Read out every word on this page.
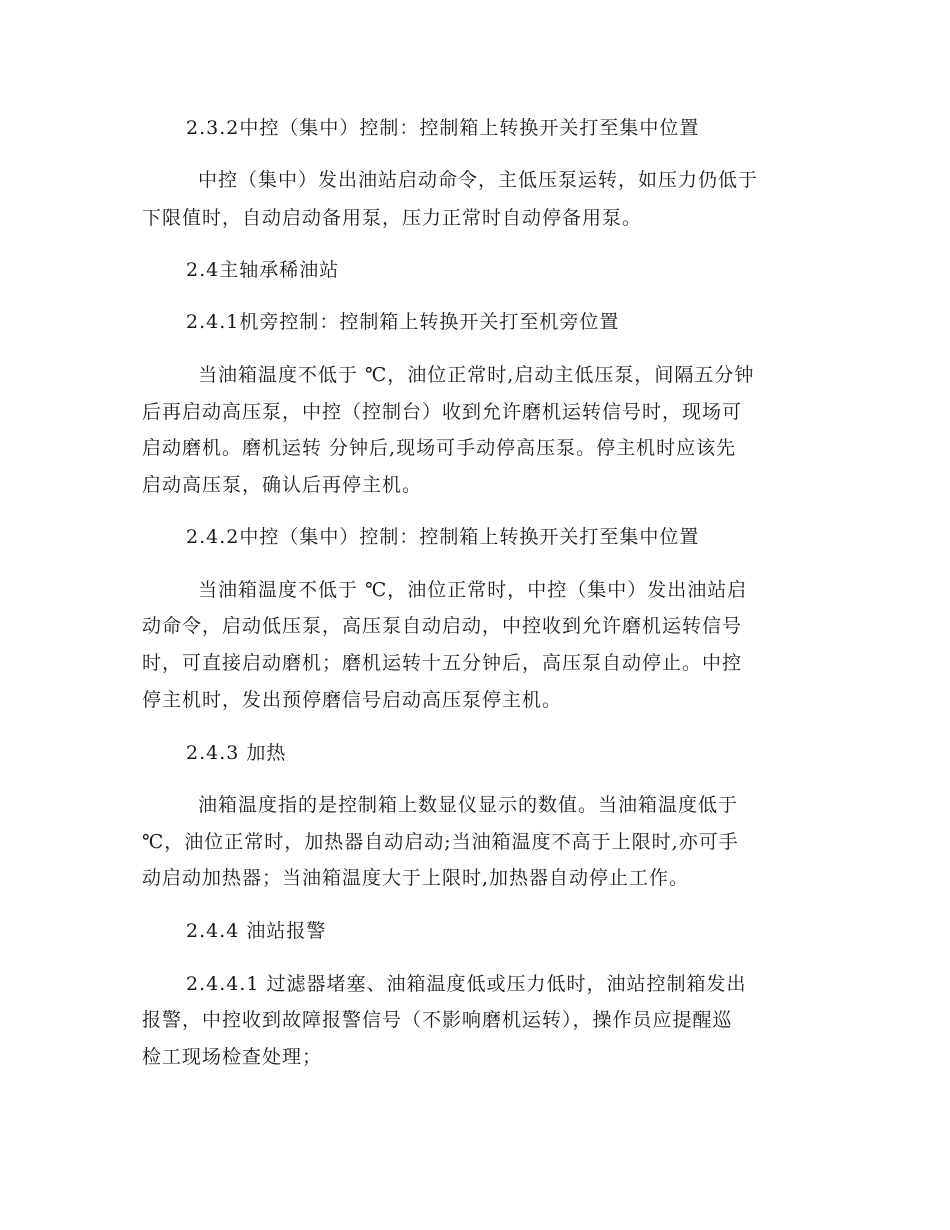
2.3.2中控（集中）控制：控制箱上转换开关打至集中位置
中控（集中）发出油站启动命令，主低压泵运转，如压力仍低于
下限值时，自动启动备用泵，压力正常时自动停备用泵。
2.4主轴承稀油站
2.4.1机旁控制：控制箱上转换开关打至机旁位置
当油箱温度不低于 ℃，油位正常时,启动主低压泵，间隔五分钟
后再启动高压泵，中控（控制台）收到允许磨机运转信号时，现场可
启动磨机。磨机运转 分钟后,现场可手动停高压泵。停主机时应该先
启动高压泵，确认后再停主机。
2.4.2中控（集中）控制：控制箱上转换开关打至集中位置
当油箱温度不低于 ℃，油位正常时，中控（集中）发出油站启
动命令，启动低压泵，高压泵自动启动，中控收到允许磨机运转信号
时，可直接启动磨机；磨机运转十五分钟后，高压泵自动停止。中控
停主机时，发出预停磨信号启动高压泵停主机。
2.4.3 加热
油箱温度指的是控制箱上数显仪显示的数值。当油箱温度低于
℃，油位正常时，加热器自动启动;当油箱温度不高于上限时,亦可手
动启动加热器；当油箱温度大于上限时,加热器自动停止工作。
2.4.4 油站报警
2.4.4.1 过滤器堵塞、油箱温度低或压力低时，油站控制箱发出
报警，中控收到故障报警信号（不影响磨机运转），操作员应提醒巡
检工现场检查处理；
